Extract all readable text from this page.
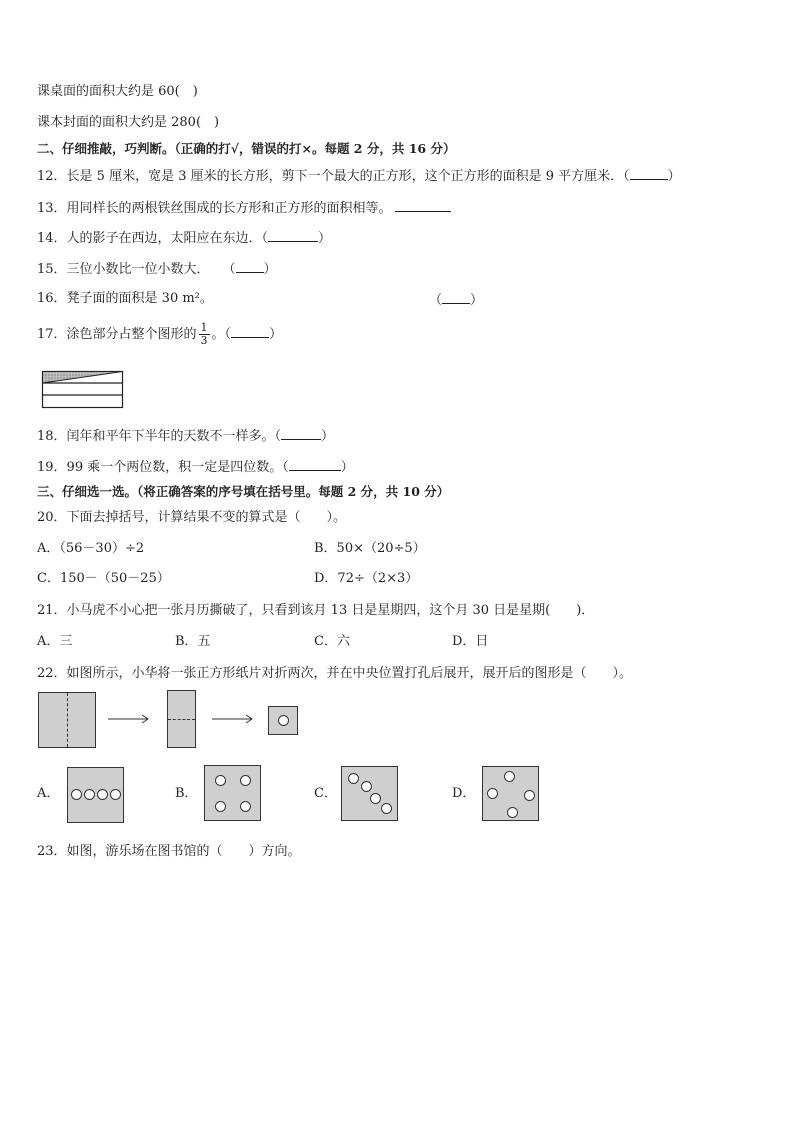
课桌面的面积大约是 60(　)
课本封面的面积大约是 280(　)
二、仔细推敲，巧判断。（正确的打√，错误的打×。每题 2 分，共 16 分）
12．长是 5 厘米，宽是 3 厘米的长方形，剪下一个最大的正方形，这个正方形的面积是 9 平方厘米．（	）
13．用同样长的两根铁丝围成的长方形和正方形的面积相等。
14．人的影子在西边，太阳应在东边．（	）
15．三位小数比一位小数大．　　（ ）
16．凳子面的面积是 30 m²。	（ ）
17．涂色部分占整个图形的 $\frac{1}{3}$ 。（	）
18．闰年和平年下半年的天数不一样多。（	）
19．99 乘一个两位数，积一定是四位数。（	）
三、仔细选一选。（将正确答案的序号填在括号里。每题 2 分，共 10 分）
20．下面去掉括号，计算结果不变的算式是（　　）。
A．（56－30）÷2	B．50×（20÷5）
C．150－（50－25）	D．72÷（2×3）
21．小马虎不小心把一张月历撕破了，只看到该月 13 日是星期四，这个月 30 日是星期(　　)．
A．三	B．五	C．六	D．日
22．如图所示，小华将一张正方形纸片对折两次，并在中央位置打孔后展开，展开后的图形是（　　）。
A．	B．	C．	D．
23．如图，游乐场在图书馆的（　　）方向。
